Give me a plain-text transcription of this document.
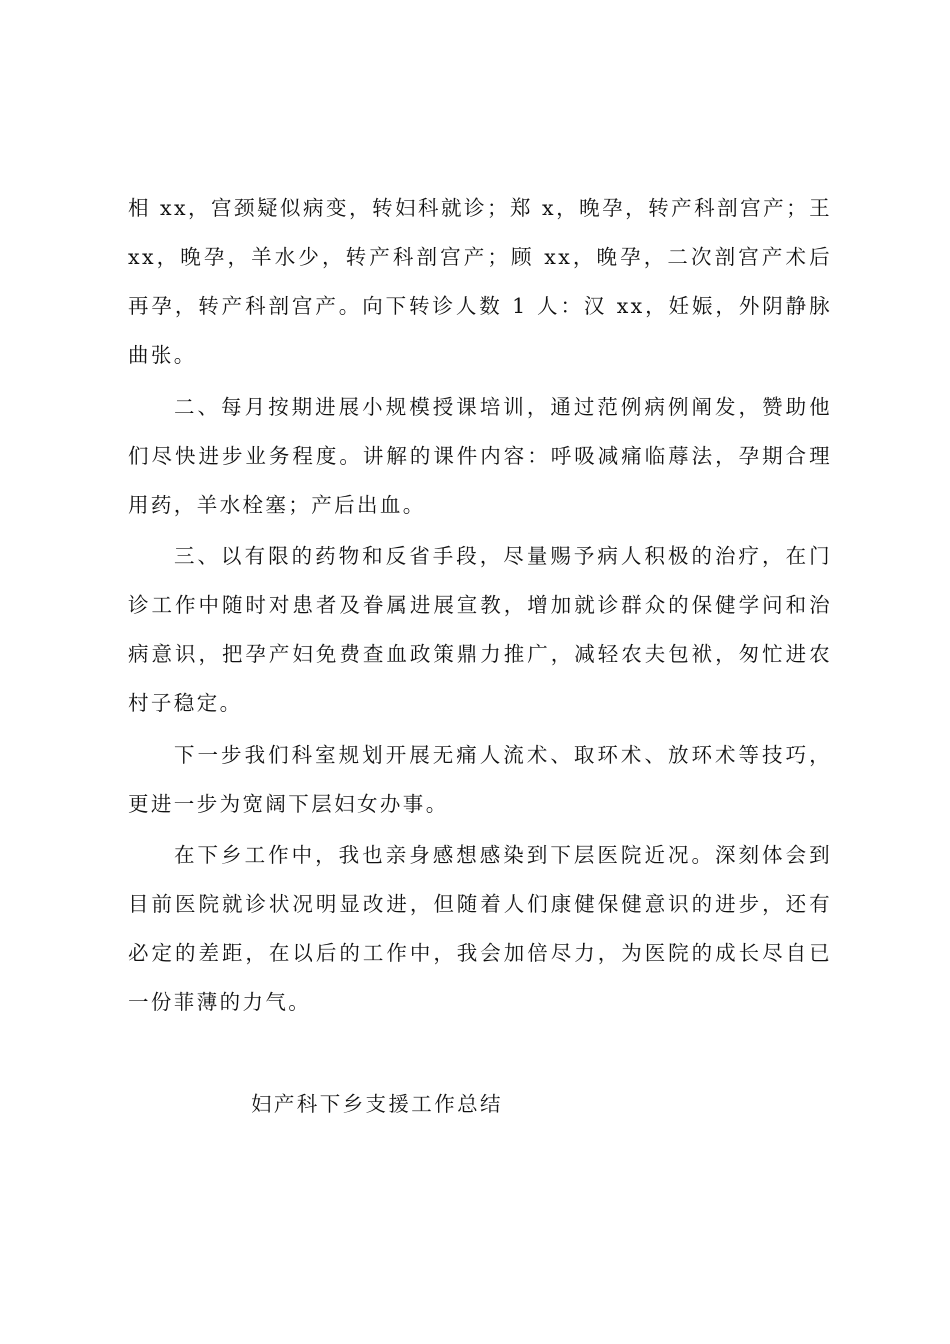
相 xx，宫颈疑似病变，转妇科就诊；郑 x，晚孕，转产科剖宫产；王 xx，晚孕，羊水少，转产科剖宫产；顾 xx，晚孕，二次剖宫产术后再孕，转产科剖宫产。向下转诊人数 1 人：汉 xx，妊娠，外阴静脉曲张。

二、每月按期进展小规模授课培训，通过范例病例阐发，赞助他们尽快进步业务程度。讲解的课件内容：呼吸减痛临蓐法，孕期合理用药，羊水栓塞；产后出血。

三、以有限的药物和反省手段，尽量赐予病人积极的治疗，在门诊工作中随时对患者及眷属进展宣教，增加就诊群众的保健学问和治病意识，把孕产妇免费查血政策鼎力推广，减轻农夫包袱，匆忙进农村子稳定。

下一步我们科室规划开展无痛人流术、取环术、放环术等技巧，更进一步为宽阔下层妇女办事。

在下乡工作中，我也亲身感想感染到下层医院近况。深刻体会到目前医院就诊状况明显改进，但随着人们康健保健意识的进步，还有必定的差距，在以后的工作中，我会加倍尽力，为医院的成长尽自已一份菲薄的力气。

妇产科下乡支援工作总结
